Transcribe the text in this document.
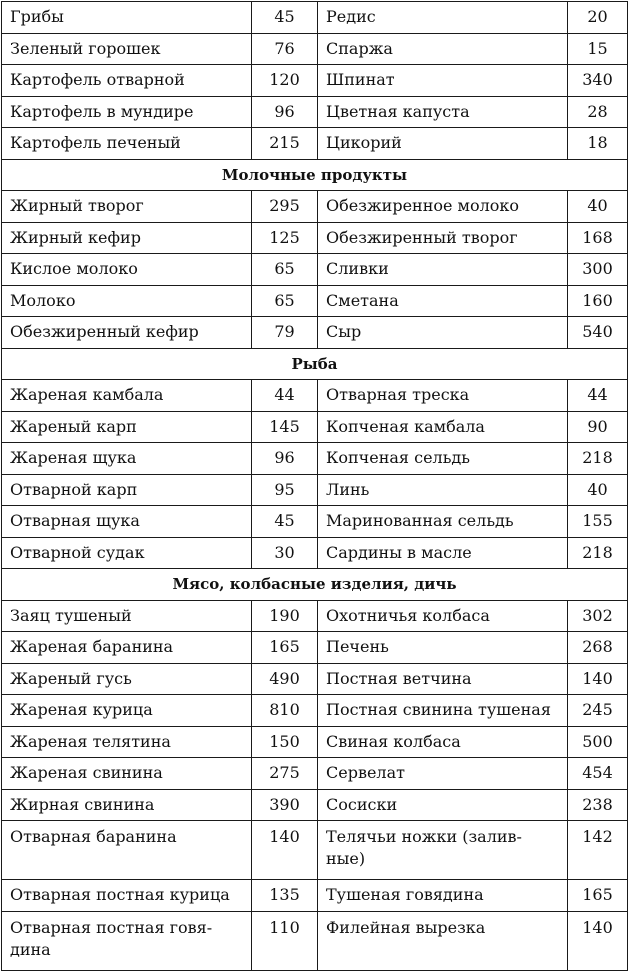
Грибы	45	Редис	20
Зеленый горошек	76	Спаржа	15
Картофель отварной	120	Шпинат	340
Картофель в мундире	96	Цветная капуста	28
Картофель печеный	215	Цикорий	18
Молочные продукты			
Жирный творог	295	Обезжиренное молоко	40
Жирный кефир	125	Обезжиренный творог	168
Кислое молоко	65	Сливки	300
Молоко	65	Сметана	160
Обезжиренный кефир	79	Сыр	540
Рыба			
Жареная камбала	44	Отварная треска	44
Жареный карп	145	Копченая камбала	90
Жареная щука	96	Копченая сельдь	218
Отварной карп	95	Линь	40
Отварная щука	45	Маринованная сельдь	155
Отварной судак	30	Сардины в масле	218
Мясо, колбасные изделия, дичь			
Заяц тушеный	190	Охотничья колбаса	302
Жареная баранина	165	Печень	268
Жареный гусь	490	Постная ветчина	140
Жареная курица	810	Постная свинина тушеная	245
Жареная телятина	150	Свиная колбаса	500
Жареная свинина	275	Сервелат	454
Жирная свинина	390	Сосиски	238
Отварная баранина	140	Телячьи ножки (залив-ные)	142
Отварная постная курица	135	Тушеная говядина	165
Отварная постная говя-дина	110	Филейная вырезка	140
